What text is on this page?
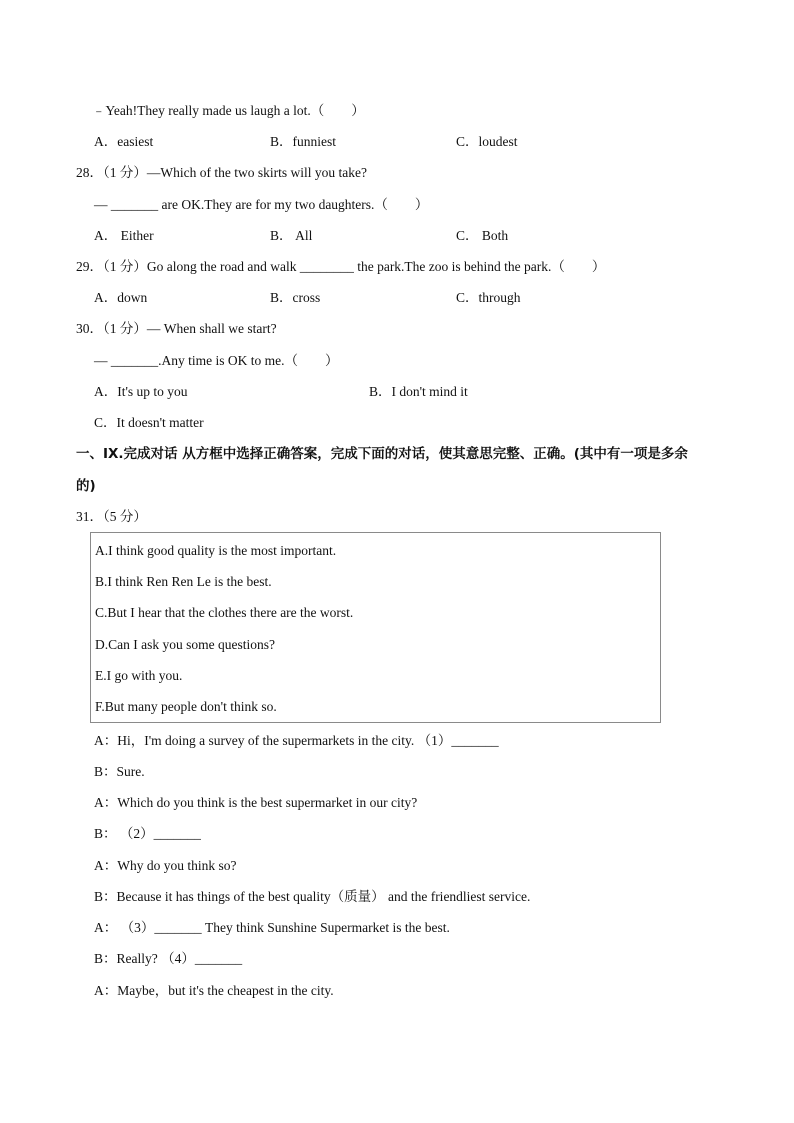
﹣Yeah!They really made us laugh a lot.（　　）
A．easiest	B．funniest	C．loudest
28．（1 分）—Which of the two skirts will you take?
— _______ are OK.They are for my two daughters.（　　）
A． Either	B． All	C． Both
29．（1 分）Go along the road and walk ________ the park.The zoo is behind the park.（　　）
A．down	B．cross	C．through
30．（1 分）— When shall we start?
— _______.Any time is OK to me.（　　）
A．It's up to you	B．I don't mind it
C．It doesn't matter
一、IX.完成对话 从方框中选择正确答案，完成下面的对话，使其意思完整、正确。(其中有一项是多余
的)
31．（5 分）
A.I think good quality is the most important.
B.I think Ren Ren Le is the best.
C.But I hear that the clothes there are the worst.
D.Can I ask you some questions?
E.I go with you.
F.But many people don't think so.
A：Hi，I'm doing a survey of the supermarkets in the city. （1）_______
B：Sure.
A：Which do you think is the best supermarket in our city?
B： （2）_______
A：Why do you think so?
B：Because it has things of the best quality（质量） and the friendliest service.
A： （3）_______ They think Sunshine Supermarket is the best.
B：Really? （4）_______
A：Maybe，but it's the cheapest in the city.
